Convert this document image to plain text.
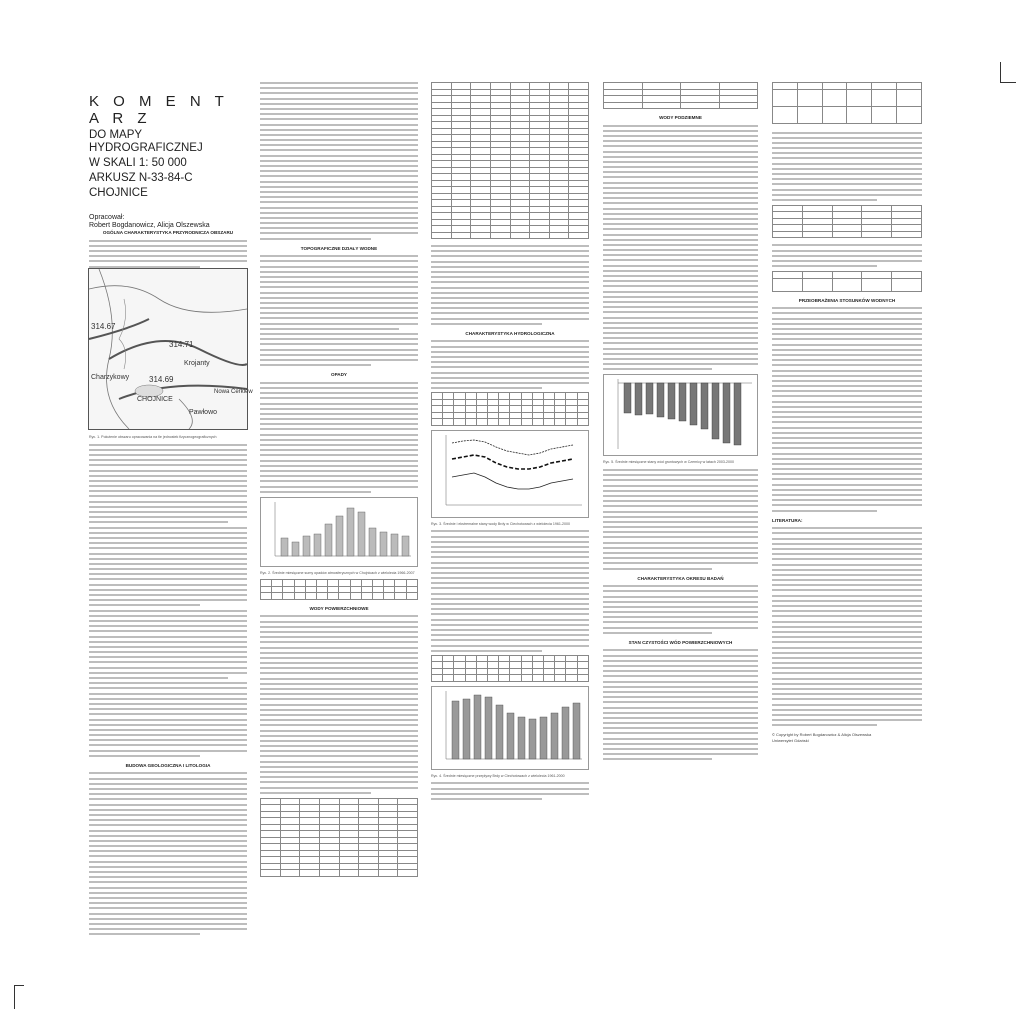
K O M E N T A R Z
DO MAPY HYDROGRAFICZNEJ
W SKALI 1: 50 000
ARKUSZ N-33-84-C
CHOJNICE
Opracował:
Robert Bogdanowicz, Alicja Olszewska
OGÓLNA CHARAKTERYSTYKA PRZYRODNICZA OBSZARU
314.67
314.71
314.69
Charzykowy
CHOJNICE
Krojanty
Nowa Cerkiew
Pawłowo
Ryc. 1. Położenie obszaru opracowania na tle jednostek fizycznogeograficznych
BUDOWA GEOLOGICZNA I LITOLOGIA
TOPOGRAFICZNE DZIAŁY WODNE
OPADY
Ryc. 2. Średnie miesięczne sumy opadów atmosferycznych w Chojnicach z wielolecia 1966-2007

WODY POWIERZCHNIOWE

CHARAKTERYSTYKA HYDROLOGICZNA

Ryc. 3. Średnie i ekstremalne stany wody Brdy w Ciechotowach z wielolecia 1961-2000

Ryc. 4. Średnie miesięczne przepływy Brdy w Ciechotowach z wielolecia 1961-2000

WODY PODZIEMNE
Ryc. 5. Średnie miesięczne stany wód gruntowych w Czernicy w latach 2003-2000
CHARAKTERYSTYKA OKRESU BADAŃ
STAN CZYSTOŚCI WÓD POWIERZCHNIOWYCH

PRZEOBRAŻENIA STOSUNKÓW WODNYCH
LITERATURA:
© Copyright by Robert Bogdanowicz & Alicja Olszewska
Uniwersytet Gdański
